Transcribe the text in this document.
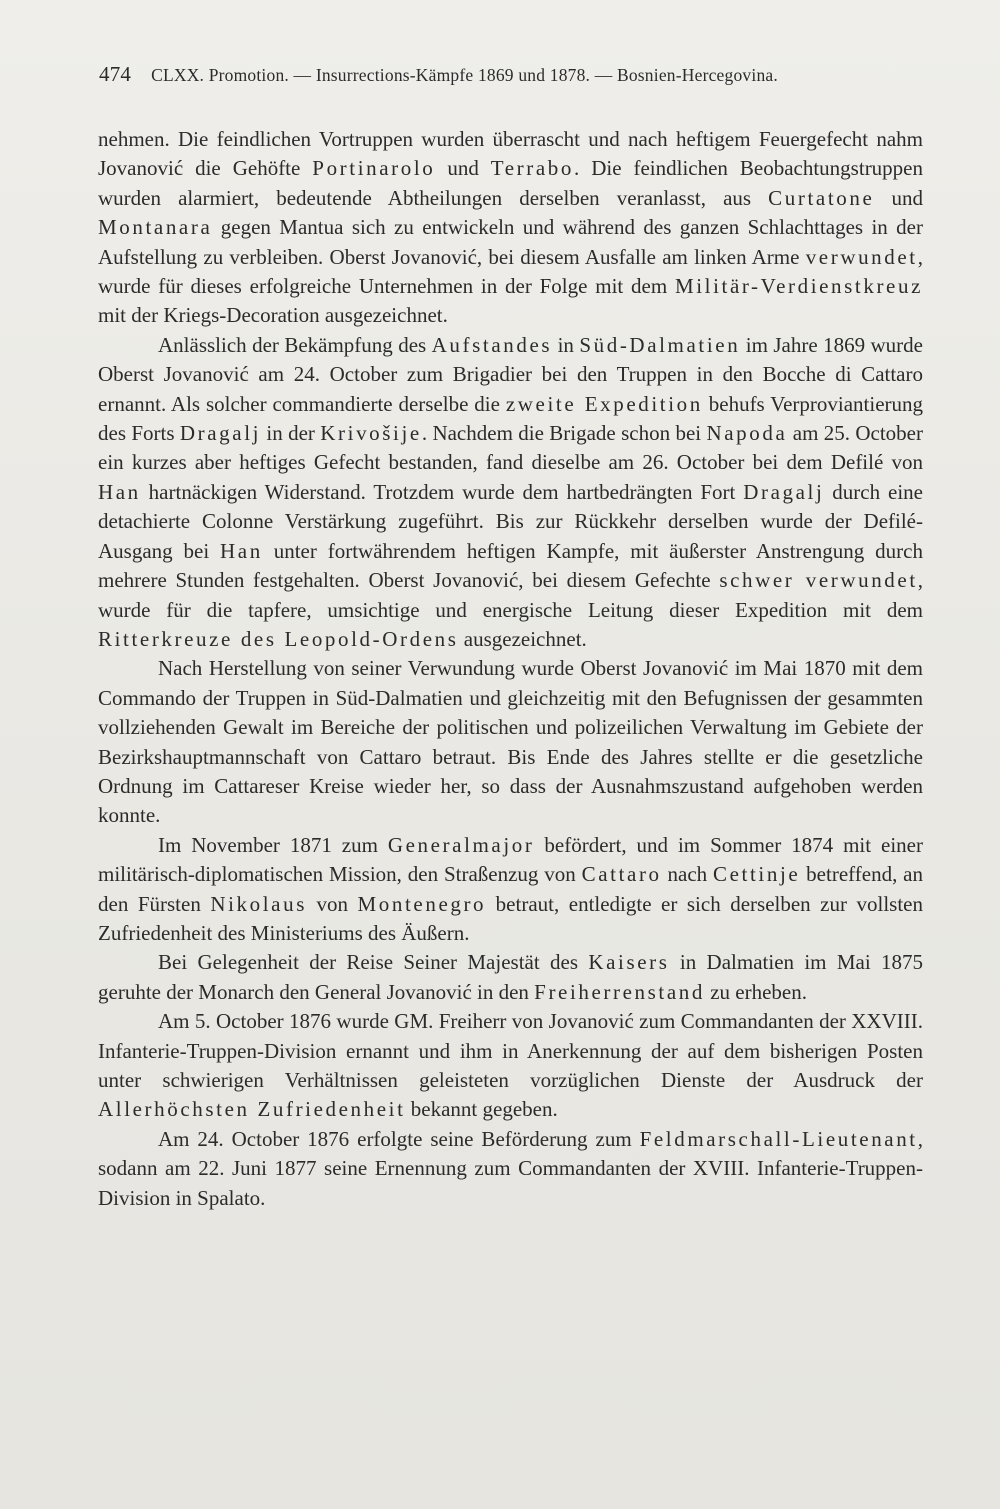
474 CLXX. Promotion. — Insurrections-Kämpfe 1869 und 1878. — Bosnien-Hercegovina.

nehmen. Die feindlichen Vortruppen wurden überrascht und nach heftigem Feuergefecht nahm Jovanović die Gehöfte Portinarolo und Terrabo. Die feindlichen Beobachtungstruppen wurden alarmiert, bedeutende Abtheilungen derselben veranlasst, aus Curtatone und Montanara gegen Mantua sich zu entwickeln und während des ganzen Schlachttages in der Aufstellung zu verbleiben. Oberst Jovanović, bei diesem Ausfalle am linken Arme verwundet, wurde für dieses erfolgreiche Unternehmen in der Folge mit dem Militär-Verdienstkreuz mit der Kriegs-Decoration ausgezeichnet.

Anlässlich der Bekämpfung des Aufstandes in Süd-Dalmatien im Jahre 1869 wurde Oberst Jovanović am 24. October zum Brigadier bei den Truppen in den Bocche di Cattaro ernannt. Als solcher commandierte derselbe die zweite Expedition behufs Verproviantierung des Forts Dragalj in der Krivošije. Nachdem die Brigade schon bei Napoda am 25. October ein kurzes aber heftiges Gefecht bestanden, fand dieselbe am 26. October bei dem Defilé von Han hartnäckigen Widerstand. Trotzdem wurde dem hartbedrängten Fort Dragalj durch eine detachierte Colonne Verstärkung zugeführt. Bis zur Rückkehr derselben wurde der Defilé-Ausgang bei Han unter fortwährendem heftigen Kampfe, mit äußerster Anstrengung durch mehrere Stunden festgehalten. Oberst Jovanović, bei diesem Gefechte schwer verwundet, wurde für die tapfere, umsichtige und energische Leitung dieser Expedition mit dem Ritterkreuze des Leopold-Ordens ausgezeichnet.

Nach Herstellung von seiner Verwundung wurde Oberst Jovanović im Mai 1870 mit dem Commando der Truppen in Süd-Dalmatien und gleichzeitig mit den Befugnissen der gesammten vollziehenden Gewalt im Bereiche der politischen und polizeilichen Verwaltung im Gebiete der Bezirkshauptmannschaft von Cattaro betraut. Bis Ende des Jahres stellte er die gesetzliche Ordnung im Cattareser Kreise wieder her, so dass der Ausnahmszustand aufgehoben werden konnte.

Im November 1871 zum Generalmajor befördert, und im Sommer 1874 mit einer militärisch-diplomatischen Mission, den Straßenzug von Cattaro nach Cettinje betreffend, an den Fürsten Nikolaus von Montenegro betraut, entledigte er sich derselben zur vollsten Zufriedenheit des Ministeriums des Äußern.

Bei Gelegenheit der Reise Seiner Majestät des Kaisers in Dalmatien im Mai 1875 geruhte der Monarch den General Jovanović in den Freiherrenstand zu erheben.

Am 5. October 1876 wurde GM. Freiherr von Jovanović zum Commandanten der XXVIII. Infanterie-Truppen-Division ernannt und ihm in Anerkennung der auf dem bisherigen Posten unter schwierigen Verhältnissen geleisteten vorzüglichen Dienste der Ausdruck der Allerhöchsten Zufriedenheit bekannt gegeben.

Am 24. October 1876 erfolgte seine Beförderung zum Feldmarschall-Lieutenant, sodann am 22. Juni 1877 seine Ernennung zum Commandanten der XVIII. Infanterie-Truppen-Division in Spalato.
